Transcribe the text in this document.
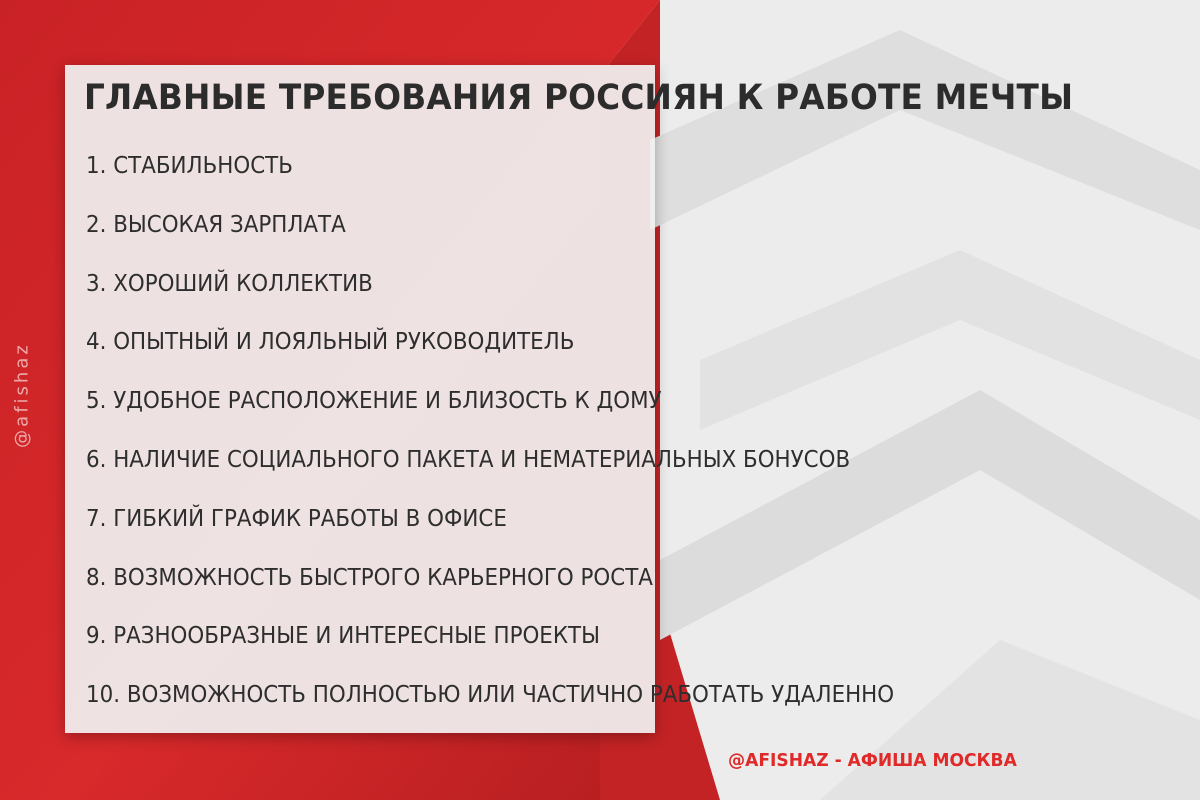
ГЛАВНЫЕ ТРЕБОВАНИЯ РОССИЯН К РАБОТЕ МЕЧТЫ
1. СТАБИЛЬНОСТЬ
2. ВЫСОКАЯ ЗАРПЛАТА
3. ХОРОШИЙ КОЛЛЕКТИВ
4. ОПЫТНЫЙ И ЛОЯЛЬНЫЙ РУКОВОДИТЕЛЬ
5. УДОБНОЕ РАСПОЛОЖЕНИЕ И БЛИЗОСТЬ К ДОМУ
6. НАЛИЧИЕ СОЦИАЛЬНОГО ПАКЕТА И НЕМАТЕРИАЛЬНЫХ БОНУСОВ
7. ГИБКИЙ ГРАФИК РАБОТЫ В ОФИСЕ
8. ВОЗМОЖНОСТЬ БЫСТРОГО КАРЬЕРНОГО РОСТА
9. РАЗНООБРАЗНЫЕ И ИНТЕРЕСНЫЕ ПРОЕКТЫ
10. ВОЗМОЖНОСТЬ ПОЛНОСТЬЮ ИЛИ ЧАСТИЧНО РАБОТАТЬ УДАЛЕННО
@afishaz
@AFISHAZ - АФИША МОСКВА
